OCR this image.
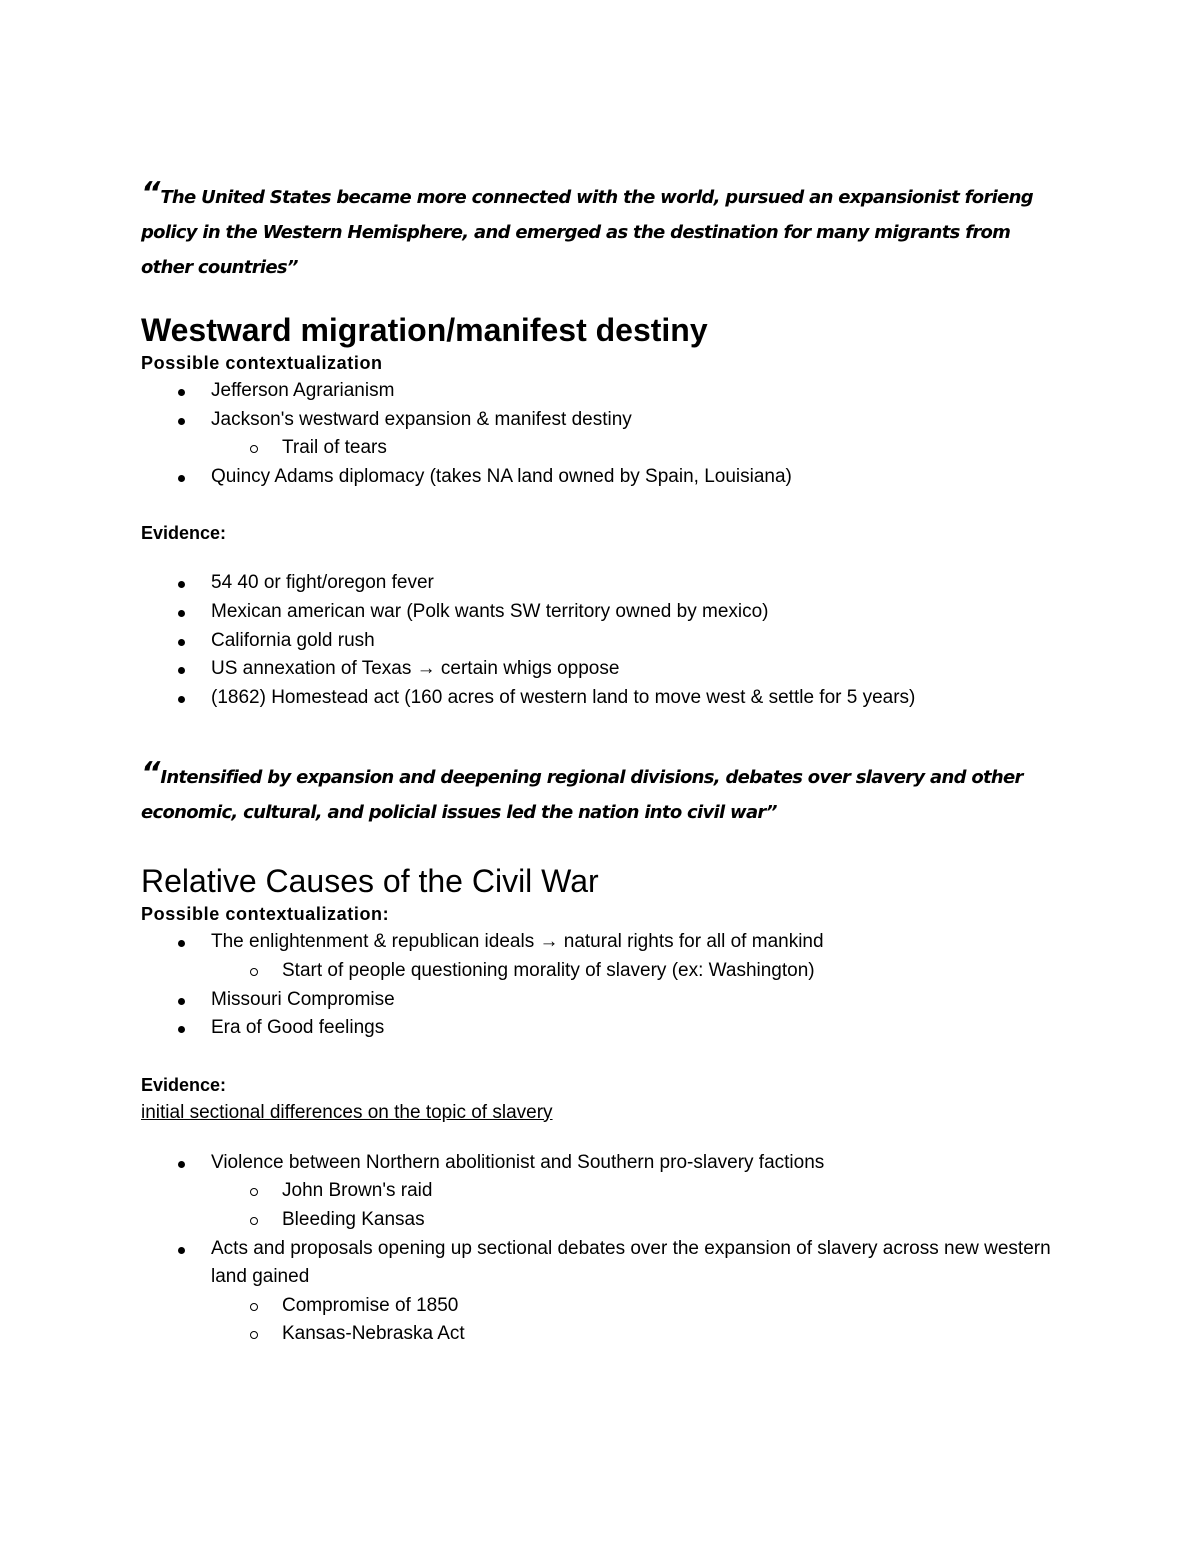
“The United States became more connected with the world, pursued an expansionist forieng policy in the Western Hemisphere, and emerged as the destination for many migrants from other countries”

Westward migration/manifest destiny

Possible contextualization

Jefferson Agrarianism
Jackson's westward expansion & manifest destiny
Trail of tears
Quincy Adams diplomacy (takes NA land owned by Spain, Louisiana)

Evidence:

54 40 or fight/oregon fever
Mexican american war (Polk wants SW territory owned by mexico)
California gold rush
US annexation of Texas → certain whigs oppose
(1862) Homestead act (160 acres of western land to move west & settle for 5 years)

“Intensified by expansion and deepening regional divisions, debates over slavery and other economic, cultural, and policial issues led the nation into civil war”

Relative Causes of the Civil War

Possible contextualization:

The enlightenment & republican ideals → natural rights for all of mankind
Start of people questioning morality of slavery (ex: Washington)
Missouri Compromise
Era of Good feelings

Evidence:

initial sectional differences on the topic of slavery

Violence between Northern abolitionist and Southern pro-slavery factions
John Brown's raid
Bleeding Kansas
Acts and proposals opening up sectional debates over the expansion of slavery across new western land gained
Compromise of 1850
Kansas-Nebraska Act
